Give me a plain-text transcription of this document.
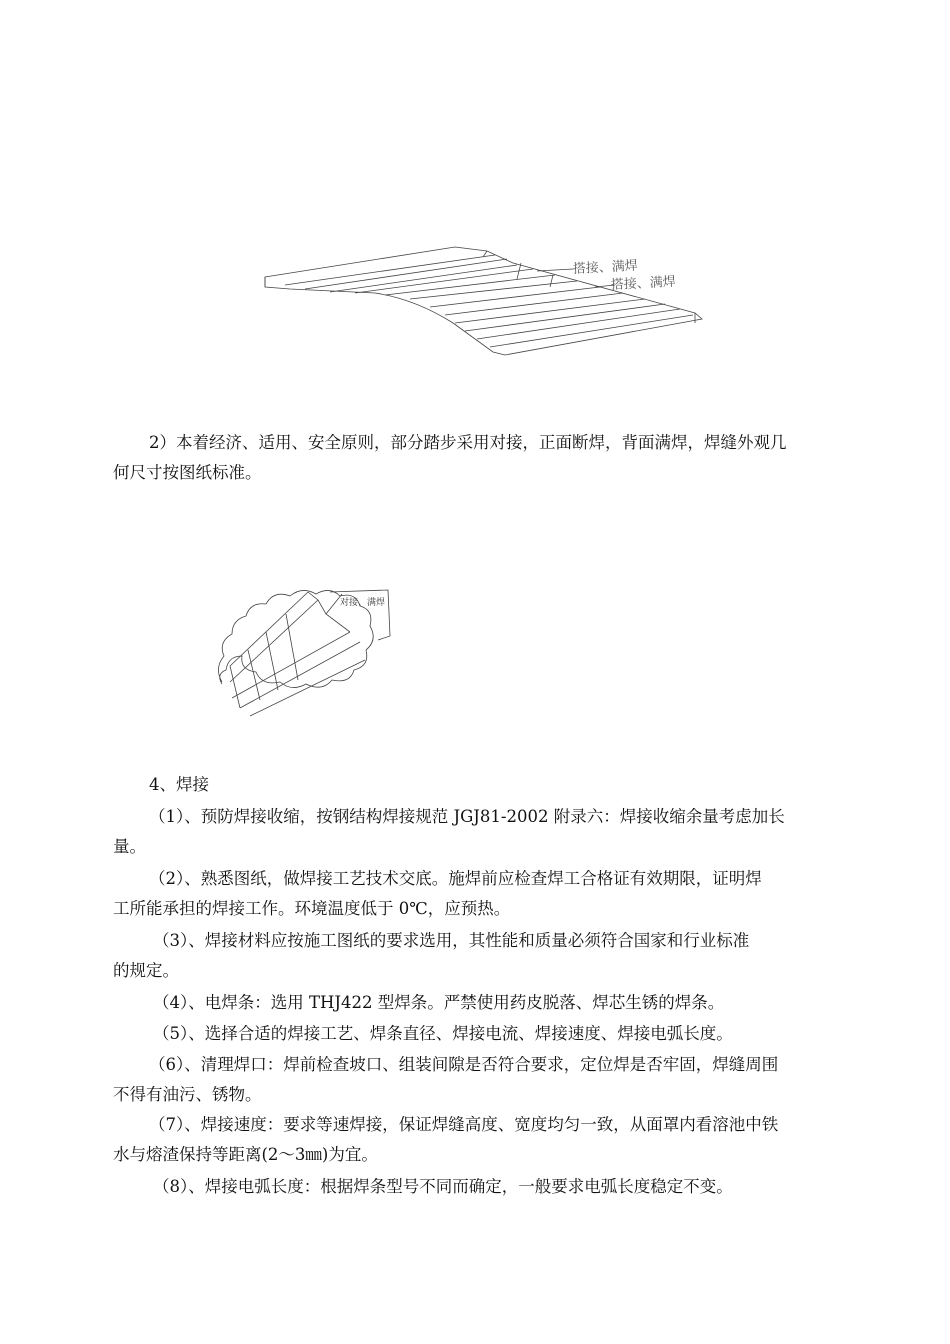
搭接、满焊
搭接、满焊

2）本着经济、适用、安全原则，部分踏步采用对接，正面断焊，背面满焊，焊缝外观几
何尺寸按图纸标准。

对接、满焊

4、焊接

（1）、预防焊接收缩，按钢结构焊接规范 JGJ81-2002 附录六：焊接收缩余量考虑加长
量。

（2）、熟悉图纸，做焊接工艺技术交底。施焊前应检查焊工合格证有效期限，证明焊
工所能承担的焊接工作。环境温度低于 0℃，应预热。

（3）、焊接材料应按施工图纸的要求选用，其性能和质量必须符合国家和行业标准
的规定。

（4）、电焊条：选用 THJ422 型焊条。严禁使用药皮脱落、焊芯生锈的焊条。

（5）、选择合适的焊接工艺、焊条直径、焊接电流、焊接速度、焊接电弧长度。

（6）、清理焊口：焊前检查坡口、组装间隙是否符合要求，定位焊是否牢固，焊缝周围
不得有油污、锈物。

（7）、焊接速度：要求等速焊接，保证焊缝高度、宽度均匀一致，从面罩内看溶池中铁
水与熔渣保持等距离(2～3㎜)为宜。

（8）、焊接电弧长度：根据焊条型号不同而确定，一般要求电弧长度稳定不变。
